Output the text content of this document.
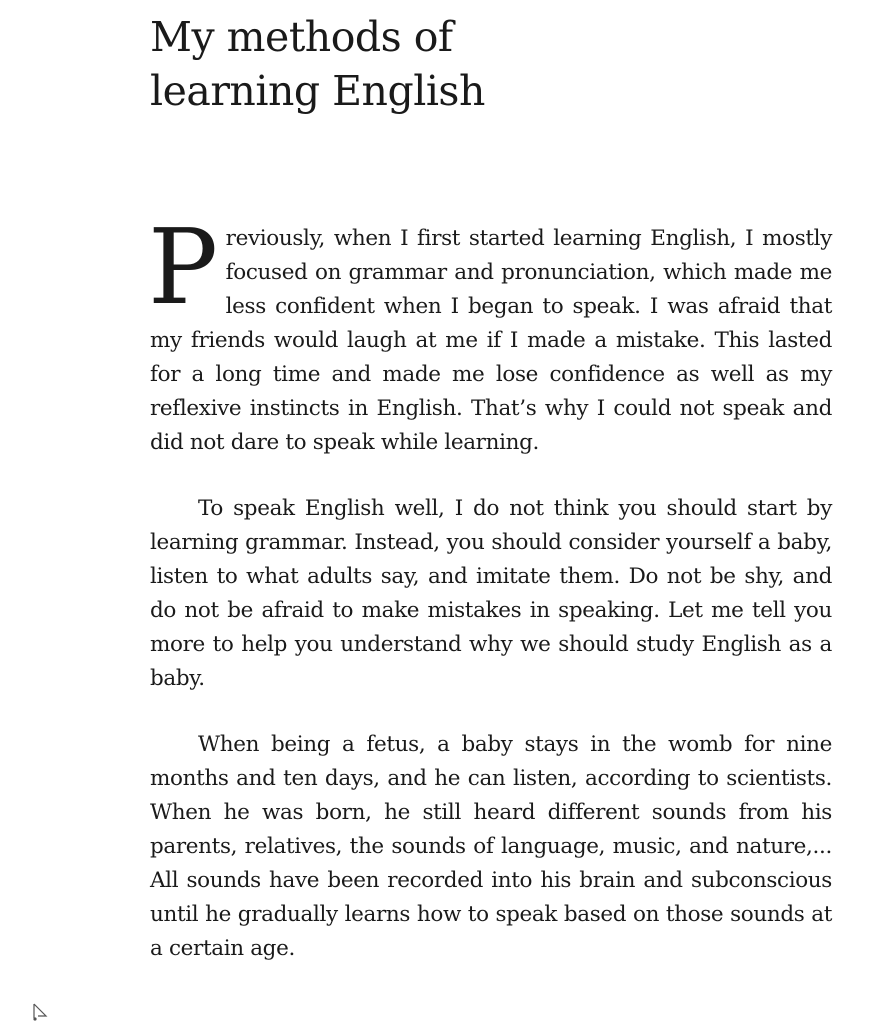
My methods of
learning English

Previously, when I first started learning English, I mostly focused on grammar and pronunciation, which made me less confident when I began to speak. I was afraid that my friends would laugh at me if I made a mistake. This lasted for a long time and made me lose confidence as well as my reflexive instincts in English. That’s why I could not speak and did not dare to speak while learning.

To speak English well, I do not think you should start by learning grammar. Instead, you should consider yourself a baby, listen to what adults say, and imitate them. Do not be shy, and do not be afraid to make mistakes in speaking. Let me tell you more to help you understand why we should study English as a baby.

When being a fetus, a baby stays in the womb for nine months and ten days, and he can listen, according to scientists. When he was born, he still heard different sounds from his parents, relatives, the sounds of language, music, and nature,... All sounds have been recorded into his brain and subconscious until he gradually learns how to speak based on those sounds at a certain age.
